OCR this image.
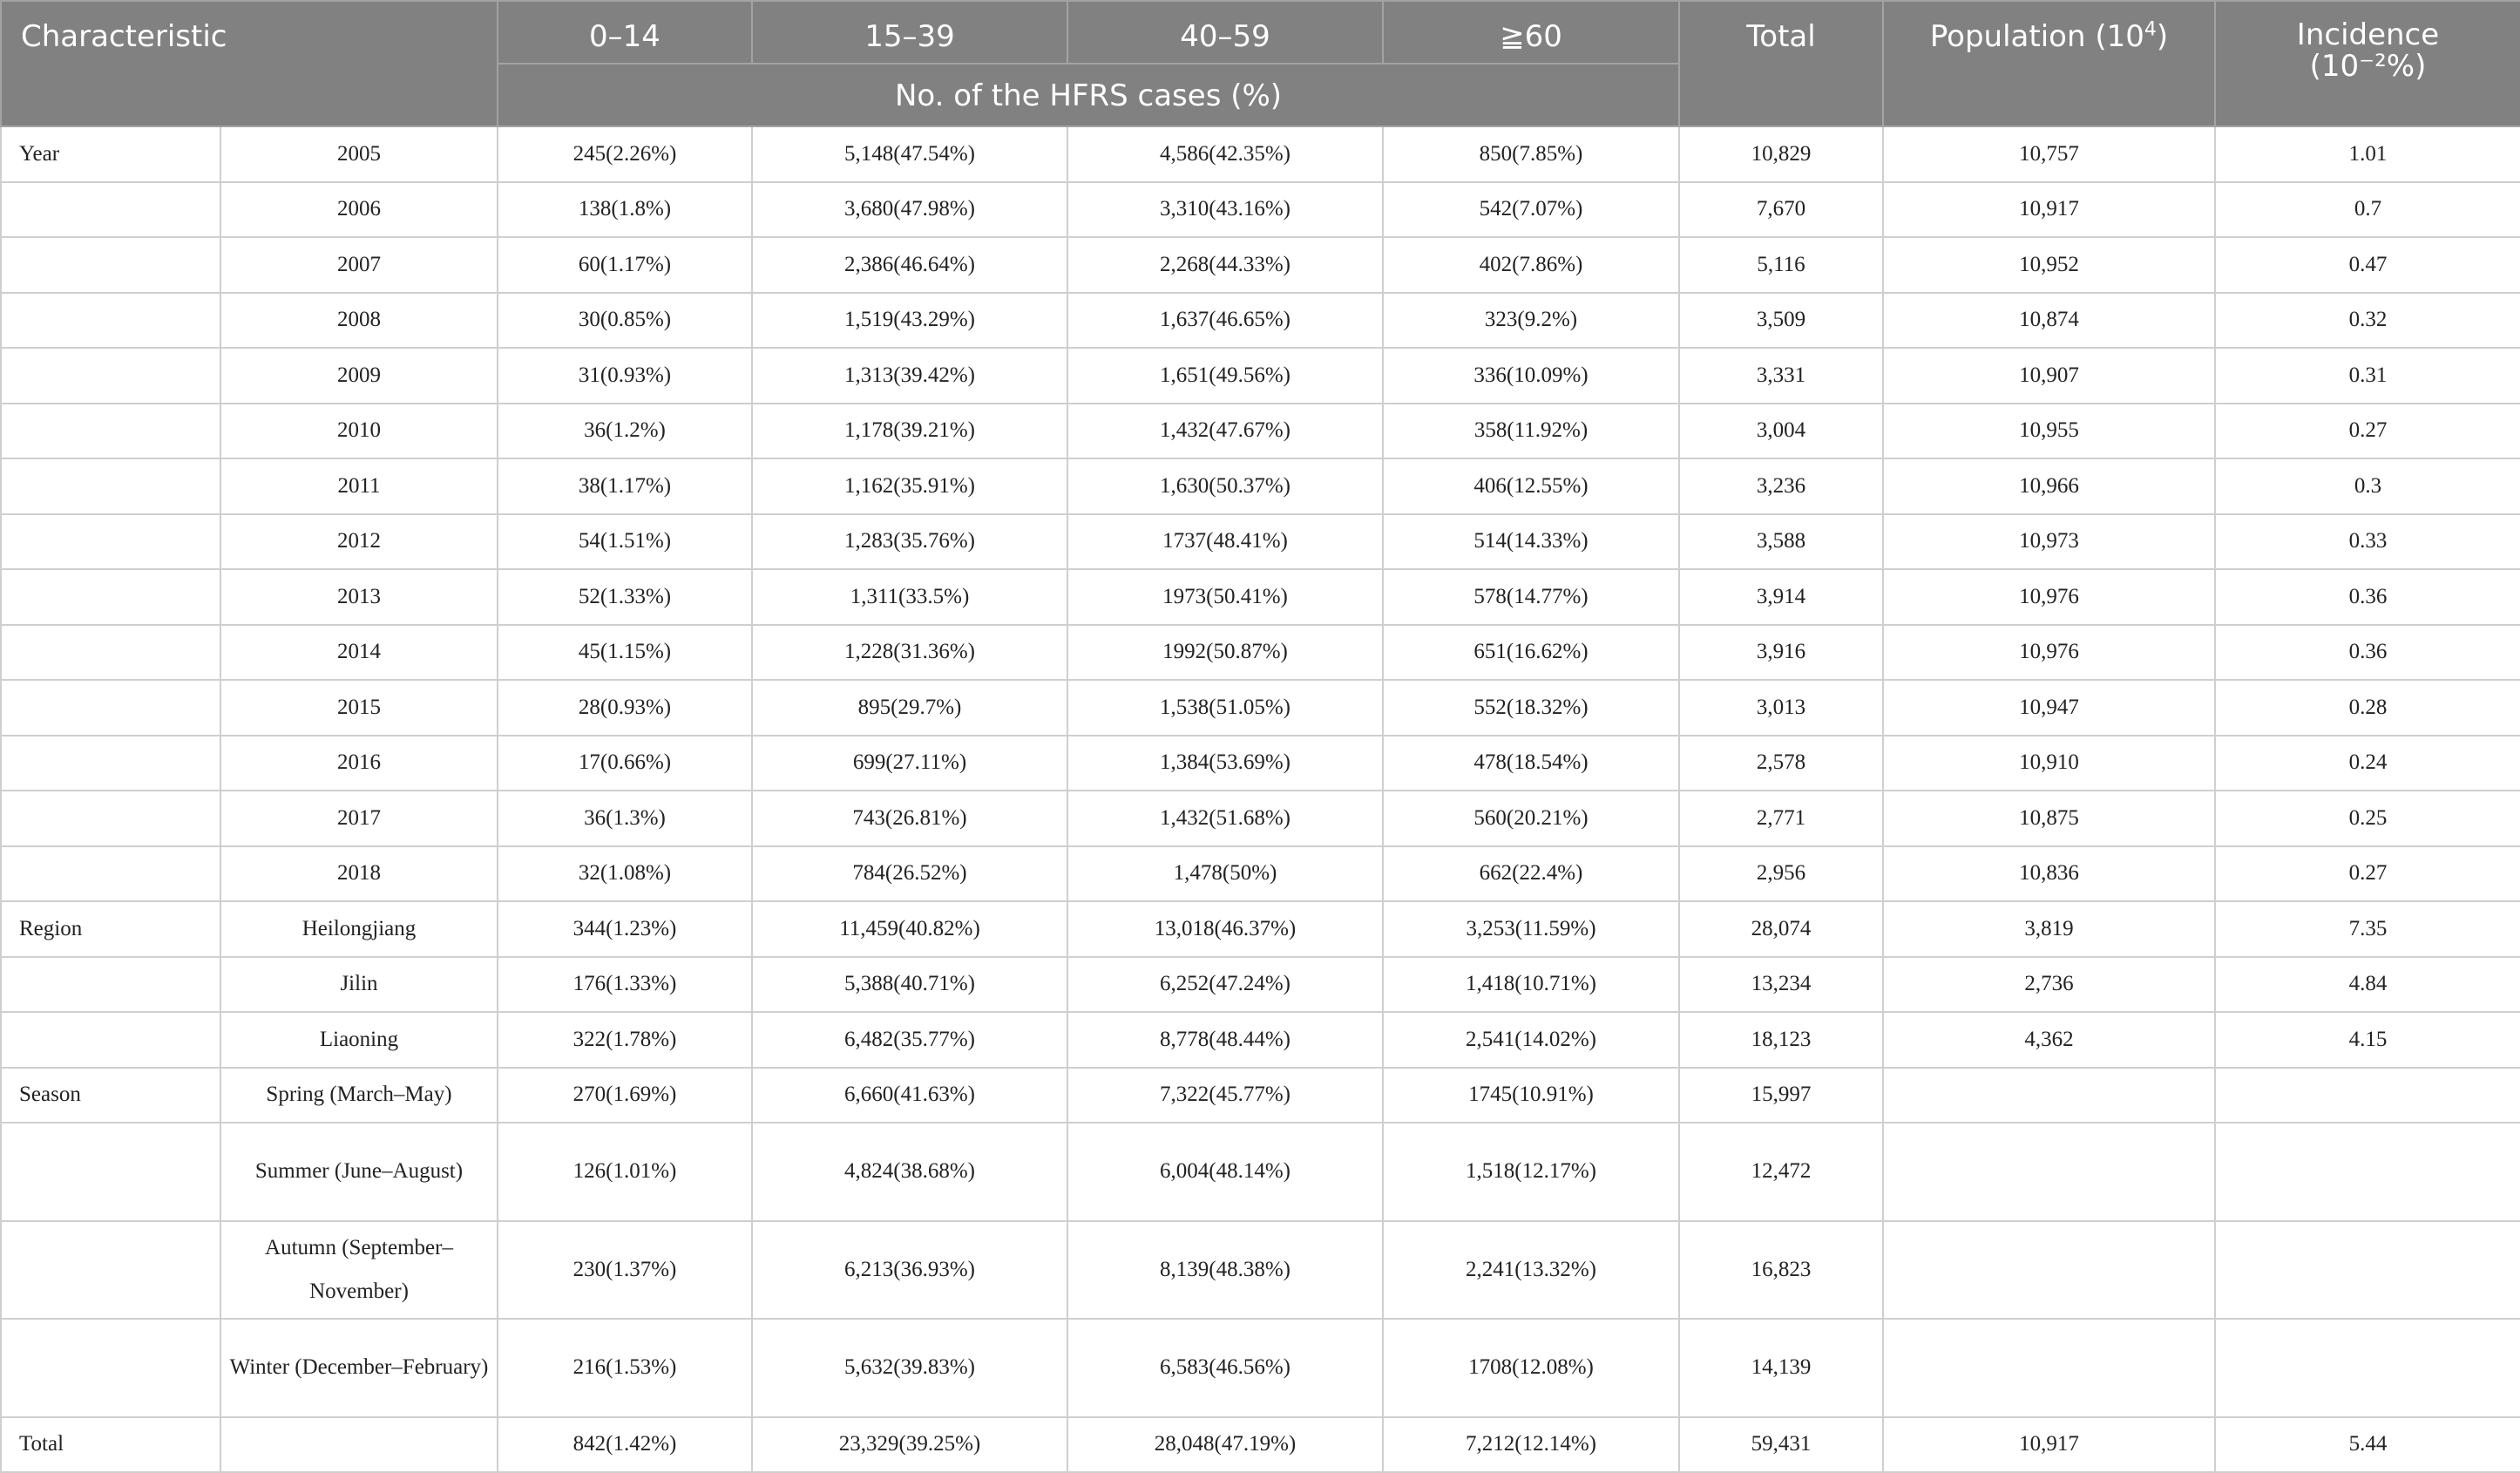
Characteristic		0–14	15–39	40–59	≧60	Total	Population $(10^4)$	Incidence
(10⁻²%)
		No. of the HFRS cases (%)						
Year	2005	245(2.26%)	5,148(47.54%)	4,586(42.35%)	850(7.85%)	10,829	10,757	1.01
	2006	138(1.8%)	3,680(47.98%)	3,310(43.16%)	542(7.07%)	7,670	10,917	0.7
	2007	60(1.17%)	2,386(46.64%)	2,268(44.33%)	402(7.86%)	5,116	10,952	0.47
	2008	30(0.85%)	1,519(43.29%)	1,637(46.65%)	323(9.2%)	3,509	10,874	0.32
	2009	31(0.93%)	1,313(39.42%)	1,651(49.56%)	336(10.09%)	3,331	10,907	0.31
	2010	36(1.2%)	1,178(39.21%)	1,432(47.67%)	358(11.92%)	3,004	10,955	0.27
	2011	38(1.17%)	1,162(35.91%)	1,630(50.37%)	406(12.55%)	3,236	10,966	0.3
	2012	54(1.51%)	1,283(35.76%)	1737(48.41%)	514(14.33%)	3,588	10,973	0.33
	2013	52(1.33%)	1,311(33.5%)	1973(50.41%)	578(14.77%)	3,914	10,976	0.36
	2014	45(1.15%)	1,228(31.36%)	1992(50.87%)	651(16.62%)	3,916	10,976	0.36
	2015	28(0.93%)	895(29.7%)	1,538(51.05%)	552(18.32%)	3,013	10,947	0.28
	2016	17(0.66%)	699(27.11%)	1,384(53.69%)	478(18.54%)	2,578	10,910	0.24
	2017	36(1.3%)	743(26.81%)	1,432(51.68%)	560(20.21%)	2,771	10,875	0.25
	2018	32(1.08%)	784(26.52%)	1,478(50%)	662(22.4%)	2,956	10,836	0.27
Region	Heilongjiang	344(1.23%)	11,459(40.82%)	13,018(46.37%)	3,253(11.59%)	28,074	3,819	7.35
	Jilin	176(1.33%)	5,388(40.71%)	6,252(47.24%)	1,418(10.71%)	13,234	2,736	4.84
	Liaoning	322(1.78%)	6,482(35.77%)	8,778(48.44%)	2,541(14.02%)	18,123	4,362	4.15
Season	Spring (March–May)	270(1.69%)	6,660(41.63%)	7,322(45.77%)	1745(10.91%)	15,997		
	Summer (June–August)	126(1.01%)	4,824(38.68%)	6,004(48.14%)	1,518(12.17%)	12,472		
	Autumn (September–November)	230(1.37%)	6,213(36.93%)	8,139(48.38%)	2,241(13.32%)	16,823		
	Winter (December–February)	216(1.53%)	5,632(39.83%)	6,583(46.56%)	1708(12.08%)	14,139		
Total		842(1.42%)	23,329(39.25%)	28,048(47.19%)	7,212(12.14%)	59,431	10,917	5.44
